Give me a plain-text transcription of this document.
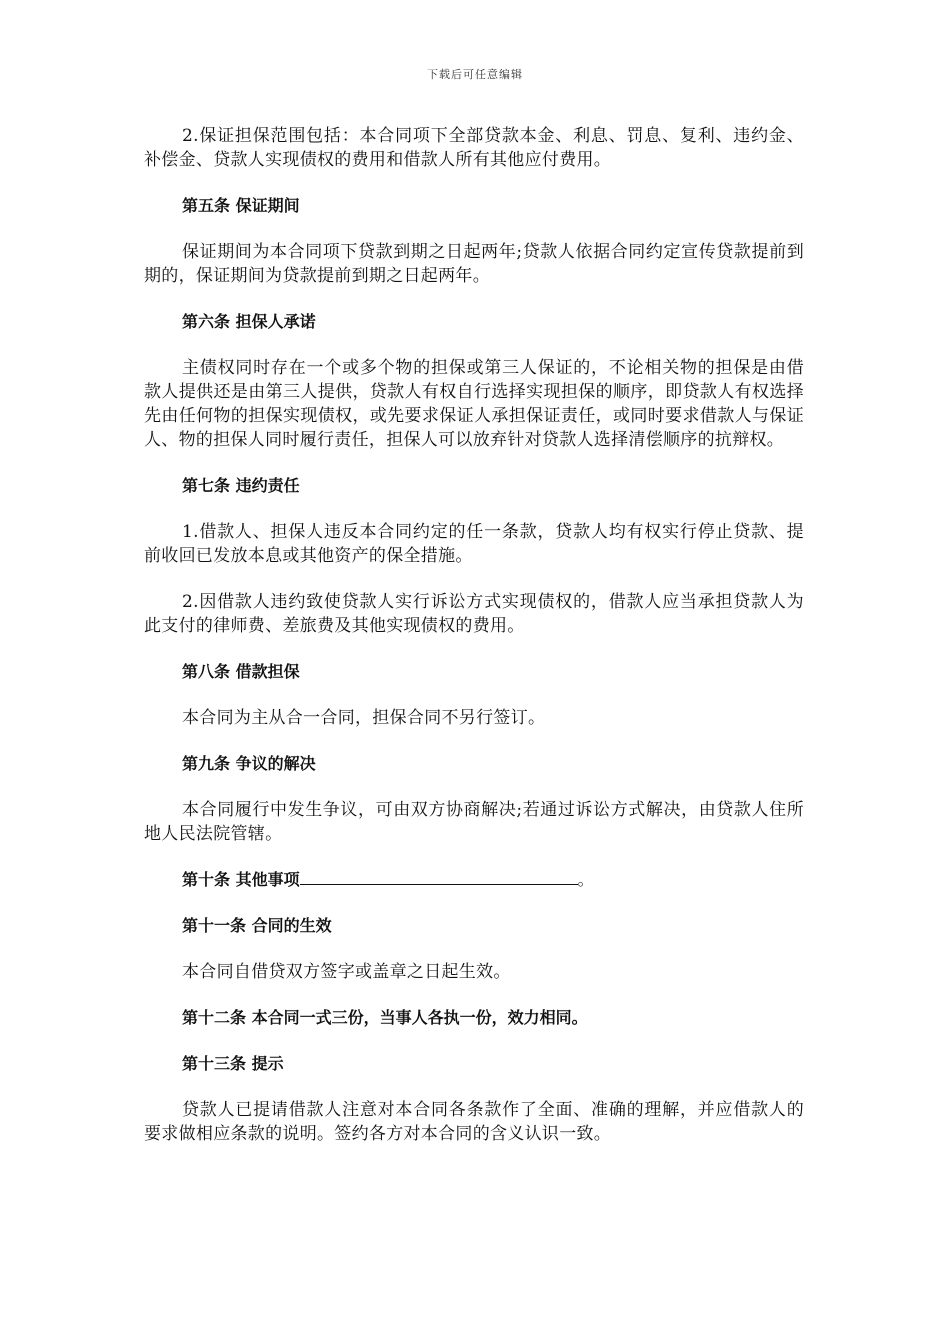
下载后可任意编辑

2.保证担保范围包括：本合同项下全部贷款本金、利息、罚息、复利、违约金、补偿金、贷款人实现债权的费用和借款人所有其他应付费用。

第五条 保证期间

保证期间为本合同项下贷款到期之日起两年;贷款人依据合同约定宣传贷款提前到期的，保证期间为贷款提前到期之日起两年。

第六条 担保人承诺

主债权同时存在一个或多个物的担保或第三人保证的，不论相关物的担保是由借款人提供还是由第三人提供，贷款人有权自行选择实现担保的顺序，即贷款人有权选择先由任何物的担保实现债权，或先要求保证人承担保证责任，或同时要求借款人与保证人、物的担保人同时履行责任，担保人可以放弃针对贷款人选择清偿顺序的抗辩权。

第七条 违约责任

1.借款人、担保人违反本合同约定的任一条款，贷款人均有权实行停止贷款、提前收回已发放本息或其他资产的保全措施。

2.因借款人违约致使贷款人实行诉讼方式实现债权的，借款人应当承担贷款人为此支付的律师费、差旅费及其他实现债权的费用。

第八条 借款担保

本合同为主从合一合同，担保合同不另行签订。

第九条 争议的解决

本合同履行中发生争议，可由双方协商解决;若通过诉讼方式解决，由贷款人住所地人民法院管辖。

第十条 其他事项	。

第十一条 合同的生效

本合同自借贷双方签字或盖章之日起生效。

第十二条 本合同一式三份，当事人各执一份，效力相同。

第十三条 提示

贷款人已提请借款人注意对本合同各条款作了全面、准确的理解，并应借款人的要求做相应条款的说明。签约各方对本合同的含义认识一致。
